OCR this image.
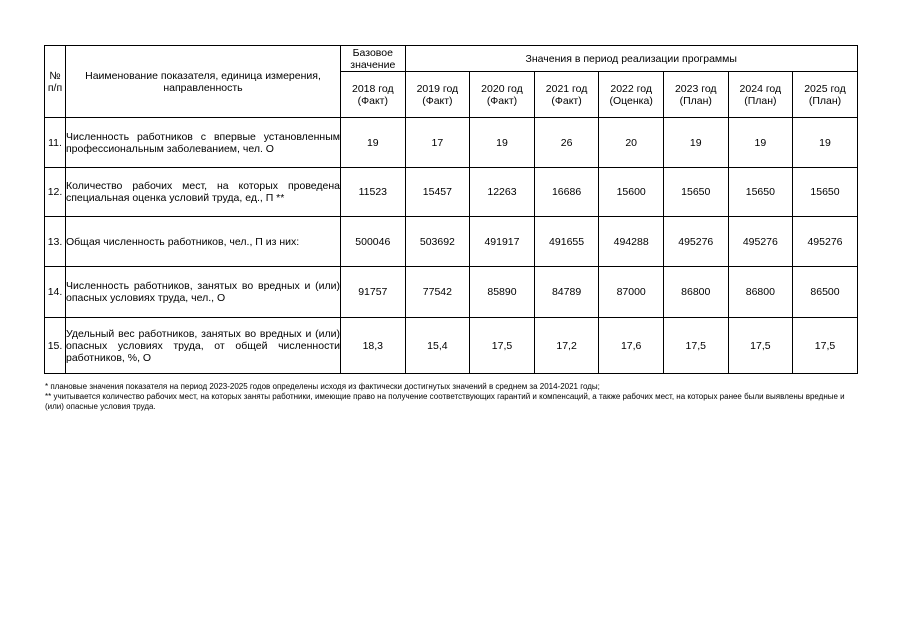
№ п/п	Наименование показателя, единица измерения, направленность	Базовое значение	Значения в период реализации программы						
		2018 год (Факт)	2019 год (Факт)	2020 год (Факт)	2021 год (Факт)	2022 год (Оценка)	2023 год (План)	2024 год (План)	2025 год (План)
11.	Численность работников с впервые установленным профессиональным заболеванием, чел. О	19	17	19	26	20	19	19	19
12.	Количество рабочих мест, на которых проведена специальная оценка условий труда, ед., П **	11523	15457	12263	16686	15600	15650	15650	15650
13.	Общая численность работников, чел., П из них:	500046	503692	491917	491655	494288	495276	495276	495276
14.	Численность работников, занятых во вредных и (или) опасных условиях труда, чел., О	91757	77542	85890	84789	87000	86800	86800	86500
15.	Удельный вес работников, занятых во вредных и (или) опасных условиях труда, от общей численности работников, %, О	18,3	15,4	17,5	17,2	17,6	17,5	17,5	17,5

* плановые значения показателя на период 2023-2025 годов определены исходя из фактически достигнутых значений в среднем за 2014-2021 годы;

** учитывается количество рабочих мест, на которых заняты работники, имеющие право на получение соответствующих гарантий и компенсаций, а также рабочих мест, на которых ранее были выявлены вредные и (или) опасные условия труда.
